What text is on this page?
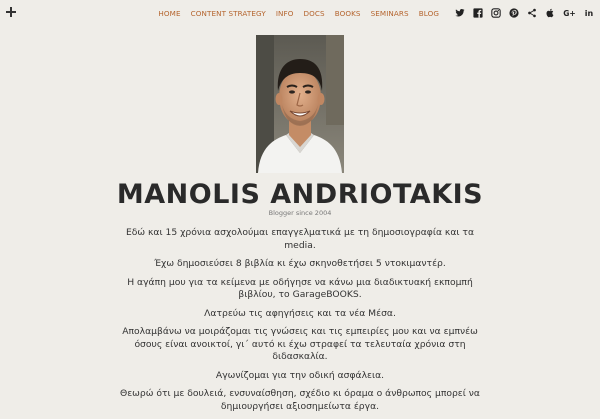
HOME CONTENT STRATEGY INFO DOCS BOOKS SEMINARS BLOG	G+ in
MANOLIS ANDRIOTAKIS
Blogger since 2004

Εδώ και 15 χρόνια ασχολούμαι επαγγελματικά με τη δημοσιογραφία και τα media.

Έχω δημοσιεύσει 8 βιβλία κι έχω σκηνοθετήσει 5 ντοκιμαντέρ.

Η αγάπη μου για τα κείμενα με οδήγησε να κάνω μια διαδικτυακή εκπομπή βιβλίου, το GarageBOOKS.

Λατρεύω τις αφηγήσεις και τα νέα Μέσα.

Απολαμβάνω να μοιράζομαι τις γνώσεις και τις εμπειρίες μου και να εμπνέω όσους είναι ανοικτοί, γι΄ αυτό κι έχω στραφεί τα τελευταία χρόνια στη διδασκαλία.

Αγωνίζομαι για την οδική ασφάλεια.

Θεωρώ ότι με δουλειά, ενσυναίσθηση, σχέδιο κι όραμα ο άνθρωπος μπορεί να δημιουργήσει αξιοσημείωτα έργα.
